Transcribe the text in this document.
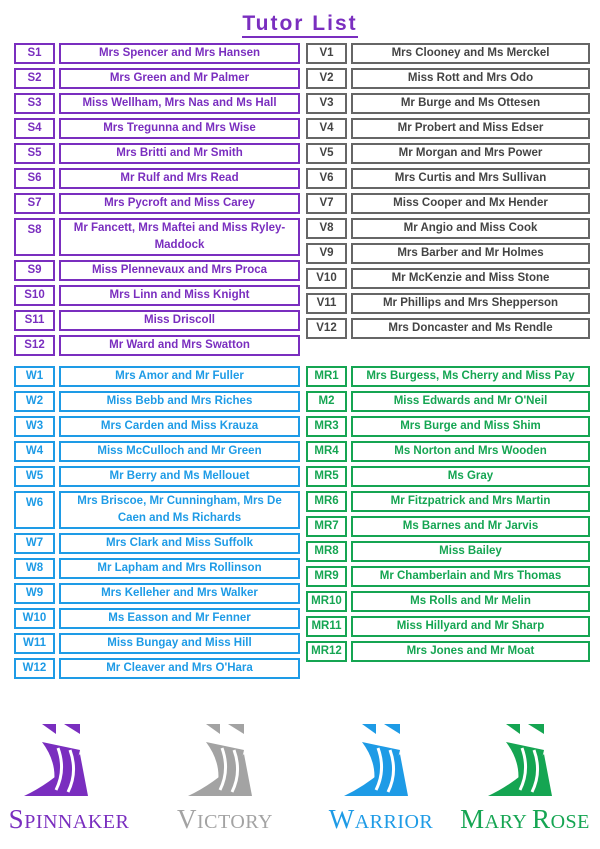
Tutor List
S1	Mrs Spencer and Mrs Hansen
S2	Mrs Green and Mr Palmer
S3	Miss Wellham, Mrs Nas and Ms Hall
S4	Mrs Tregunna and Mrs Wise
S5	Mrs Britti and Mr Smith
S6	Mr Rulf and Mrs Read
S7	Mrs Pycroft and Miss Carey
S8	Mr Fancett, Mrs Maftei and Miss Ryley-Maddock
S9	Miss Plennevaux and Mrs Proca
S10	Mrs Linn and Miss Knight
S11	Miss Driscoll
S12	Mr Ward and Mrs Swatton
V1	Mrs Clooney and Ms Merckel
V2	Miss Rott and Mrs Odo
V3	Mr Burge and Ms Ottesen
V4	Mr Probert and Miss Edser
V5	Mr Morgan and Mrs Power
V6	Mrs Curtis and Mrs Sullivan
V7	Miss Cooper and Mx Hender
V8	Mr Angio and Miss Cook
V9	Mrs Barber and Mr Holmes
V10	Mr McKenzie and Miss Stone
V11	Mr Phillips and Mrs Shepperson
V12	Mrs Doncaster and Ms Rendle
W1	Mrs Amor and Mr Fuller
W2	Miss Bebb and Mrs Riches
W3	Mrs Carden and Miss Krauza
W4	Miss McCulloch and Mr Green
W5	Mr Berry and Ms Mellouet
W6	Mrs Briscoe, Mr Cunningham, Mrs De Caen and Ms Richards
W7	Mrs Clark and Miss Suffolk
W8	Mr Lapham and Mrs Rollinson
W9	Mrs Kelleher and Mrs Walker
W10	Ms Easson and Mr Fenner
W11	Miss Bungay and Miss Hill
W12	Mr Cleaver and Mrs O'Hara
MR1	Mrs Burgess, Ms Cherry and Miss Pay
M2	Miss Edwards and Mr O'Neil
MR3	Mrs Burge and Miss Shim
MR4	Ms Norton and Mrs Wooden
MR5	Ms Gray
MR6	Mr Fitzpatrick and Mrs Martin
MR7	Ms Barnes and Mr Jarvis
MR8	Miss Bailey
MR9	Mr Chamberlain and Mrs Thomas
MR10	Ms Rolls and Mr Melin
MR11	Miss Hillyard and Mr Sharp
MR12	Mrs Jones and Mr Moat
SPINNAKER	VICTORY	WARRIOR MARY ROSE
